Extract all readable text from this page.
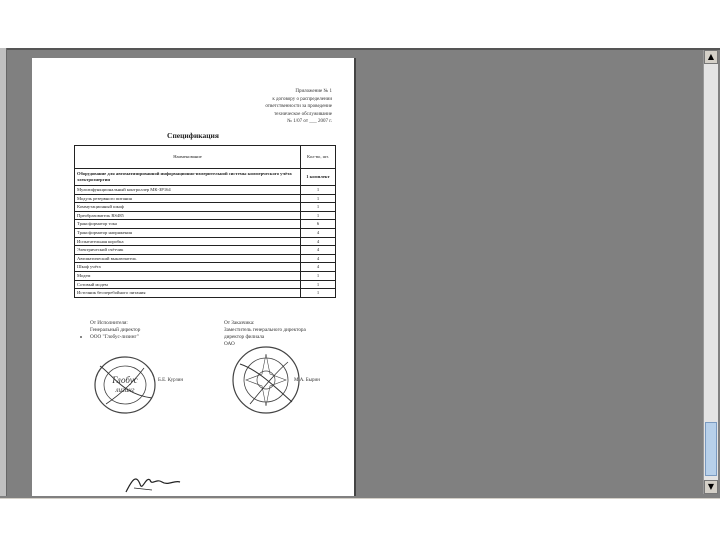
▲
▼
Приложение № 1
к договору о распределении
ответственности за проведение
техническое обслуживание
№ 1/07 от ___ 2007 г.
Спецификация
Наименование	Кол-во, шт.
Оборудование для автоматизированной информационно-измерительной системы коммерческого учёта электроэнергии	1 комплект
Мультифункциональный контроллер МК-ЗР164	1
Модуль резервного питания	1
Коммутационный шкаф	1
Преобразователь RS485	1
Трансформатор тока	6
Трансформатор напряжения	4
Испытательная коробка	4
Электрический счётчик	4
Автоматический выключатель	4
Шкаф учёта	4
Модем	1
Сотовый модем	1
Источник бесперебойного питания	1
От Исполнителя:
Генеральный директор
ООО "Глобус-лизинг"
От Заказчика:
Заместитель генерального директора
директор филиала
ОАО
Глобус
лизинг
Б.Е. Курзин	М.А. Бырин
